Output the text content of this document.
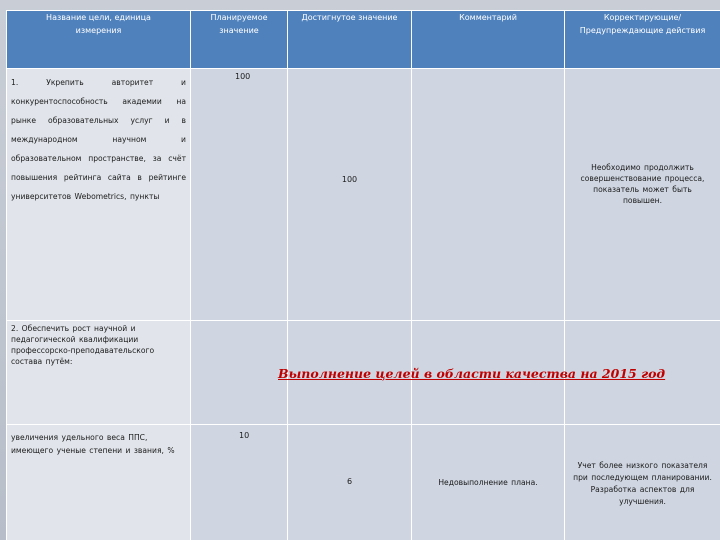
Название цели, единица измерения	Планируемое значение	Достигнутое значение	Комментарий	Корректирующие/ Предупреждающие действия

1. Укрепить авторитет и конкурентоспособность академии на рынке образовательных услуг и в международном научном и образовательном пространстве, за счёт повышения рейтинга сайта в рейтинге университетов Webometrics, пункты	100	100		Необходимо продолжить совершенствование процесса, показатель может быть повышен.

2. Обеспечить рост научной и педагогической квалификации профессорско-преподавательского состава путём:				

увеличения удельного веса ППС, имеющего ученые степени и звания, %	10	6	Недовыполнение плана.	Учет более низкого показателя при последующем планировании. Разработка аспектов для улучшения.
Выполнение целей в области качества на 2015 год
